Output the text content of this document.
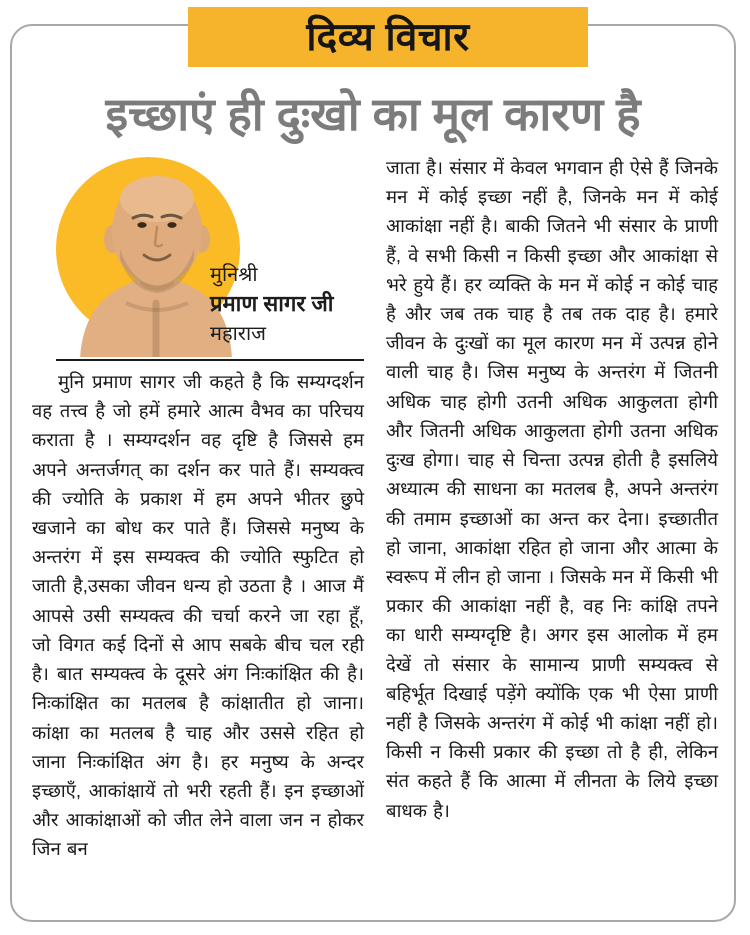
इच्छाएं ही दुःखो का मूल कारण है
मुनिश्री
प्रमाण सागर जी
महाराज
मुनि प्रमाण सागर जी कहते है कि सम्यग्दर्शन वह तत्त्व है जो हमें हमारे आत्म वैभव का परिचय कराता है । सम्यग्दर्शन वह दृष्टि है जिससे हम अपने अन्तर्जगत् का दर्शन कर पाते हैं। सम्यक्त्व की ज्योति के प्रकाश में हम अपने भीतर छुपे खजाने का बोध कर पाते हैं। जिससे मनुष्य के अन्तरंग में इस सम्यक्त्व की ज्योति स्फुटित हो जाती है,उसका जीवन धन्य हो उठता है । आज मैं आपसे उसी सम्यक्त्व की चर्चा करने जा रहा हूँ, जो विगत कई दिनों से आप सबके बीच चल रही है। बात सम्यक्त्व के दूसरे अंग निःकांक्षित की है। निःकांक्षित का मतलब है कांक्षातीत हो जाना। कांक्षा का मतलब है चाह और उससे रहित हो जाना निःकांक्षित अंग है। हर मनुष्य के अन्दर इच्छाएँ, आकांक्षायें तो भरी रहती हैं। इन इच्छाओं और आकांक्षाओं को जीत लेने वाला जन न होकर जिन बन
जाता है। संसार में केवल भगवान ही ऐसे हैं जिनके मन में कोई इच्छा नहीं है, जिनके मन में कोई आकांक्षा नहीं है। बाकी जितने भी संसार के प्राणी हैं, वे सभी किसी न किसी इच्छा और आकांक्षा से भरे हुये हैं। हर व्यक्ति के मन में कोई न कोई चाह है और जब तक चाह है तब तक दाह है। हमारे जीवन के दुःखों का मूल कारण मन में उत्पन्न होने वाली चाह है। जिस मनुष्य के अन्तरंग में जितनी अधिक चाह होगी उतनी अधिक आकुलता होगी और जितनी अधिक आकुलता होगी उतना अधिक दुःख होगा। चाह से चिन्ता उत्पन्न होती है इसलिये अध्यात्म की साधना का मतलब है, अपने अन्तरंग की तमाम इच्छाओं का अन्त कर देना। इच्छातीत हो जाना, आकांक्षा रहित हो जाना और आत्मा के स्वरूप में लीन हो जाना । जिसके मन में किसी भी प्रकार की आकांक्षा नहीं है, वह निः कांक्षि तपने का धारी सम्यग्दृष्टि है। अगर इस आलोक में हम देखें तो संसार के सामान्य प्राणी सम्यक्त्व से बहिर्भूत दिखाई पड़ेंगे क्योंकि एक भी ऐसा प्राणी नहीं है जिसके अन्तरंग में कोई भी कांक्षा नहीं हो। किसी न किसी प्रकार की इच्छा तो है ही, लेकिन संत कहते हैं कि आत्मा में लीनता के लिये इच्छा बाधक है।
दिव्य विचार
